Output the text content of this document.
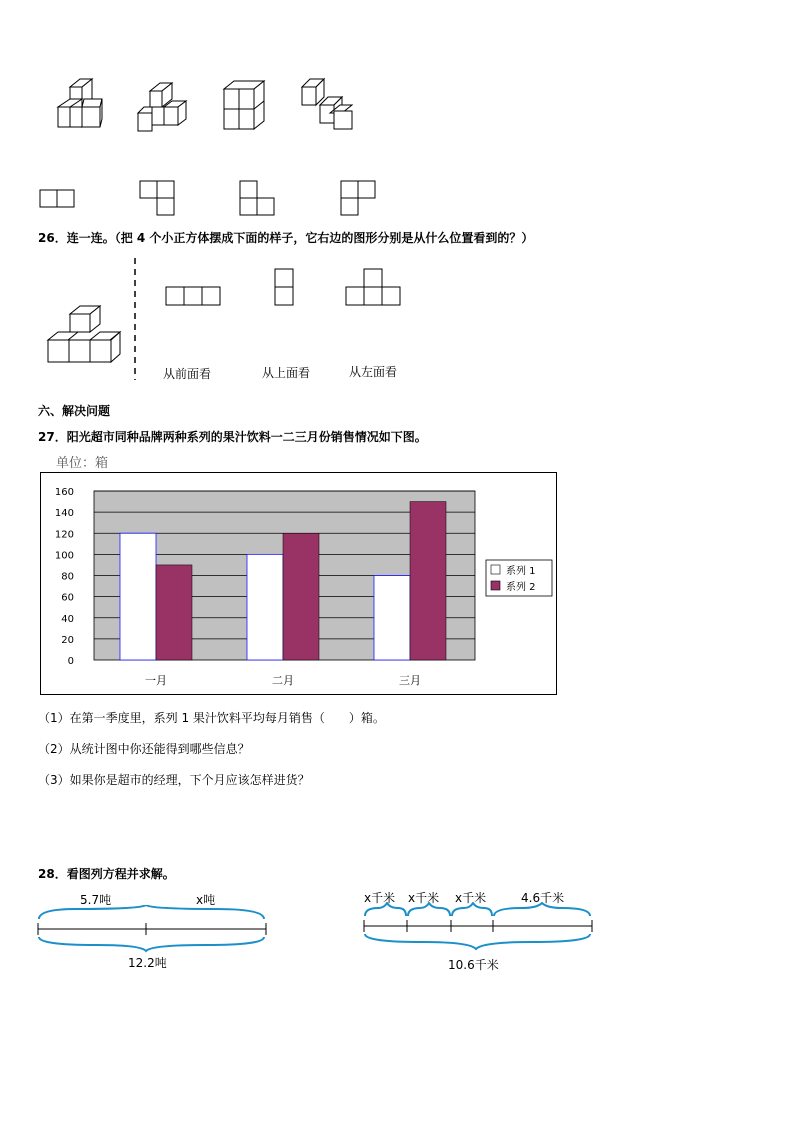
26．连一连。（把 4 个小正方体摆成下面的样子，它右边的图形分别是从什么位置看到的？）
从前面看	从上面看	从左面看
六、解决问题
27．阳光超市同种品牌两种系列的果汁饮料一二三月份销售情况如下图。
单位：箱
0
20
40
60
80
100
120
140
160
一月	二月	三月
系列 1
系列 2
（1）在第一季度里，系列 1 果汁饮料平均每月销售（　　）箱。
（2）从统计图中你还能得到哪些信息？
（3）如果你是超市的经理，下个月应该怎样进货？
28．看图列方程并求解。
5.7吨	x吨
12.2吨
x千米 x千米 x千米	4.6千米
10.6千米
